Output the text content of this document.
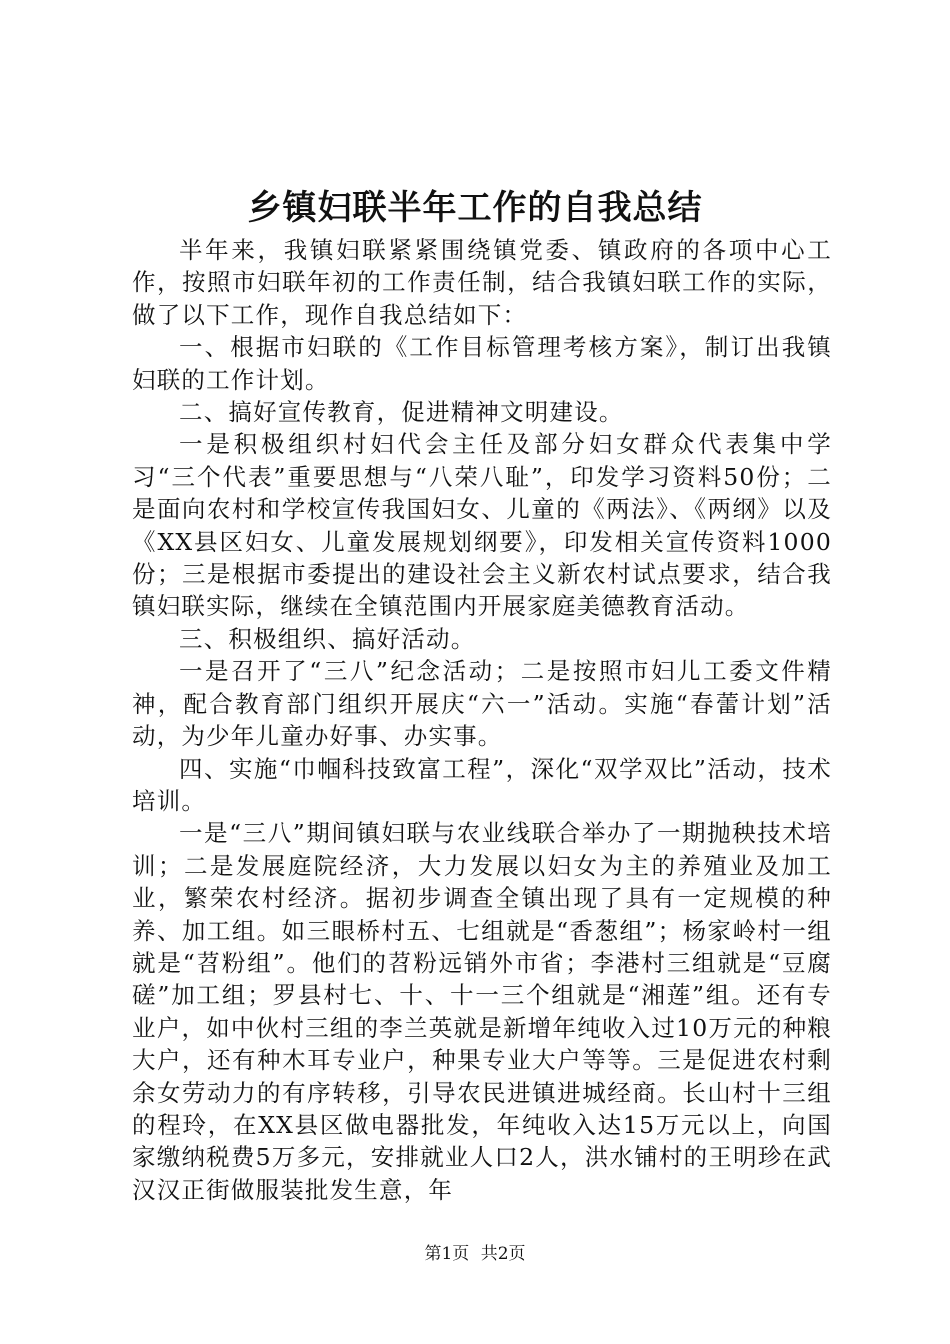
乡镇妇联半年工作的自我总结

半年来，我镇妇联紧紧围绕镇党委、镇政府的各项中心工作，按照市妇联年初的工作责任制，结合我镇妇联工作的实际，做了以下工作，现作自我总结如下：

一、根据市妇联的《工作目标管理考核方案》，制订出我镇妇联的工作计划。

二、搞好宣传教育，促进精神文明建设。

一是积极组织村妇代会主任及部分妇女群众代表集中学习“三个代表”重要思想与“八荣八耻”，印发学习资料50份；二是面向农村和学校宣传我国妇女、儿童的《两法》、《两纲》以及《XX县区妇女、儿童发展规划纲要》，印发相关宣传资料1000份；三是根据市委提出的建设社会主义新农村试点要求，结合我镇妇联实际，继续在全镇范围内开展家庭美德教育活动。

三、积极组织、搞好活动。

一是召开了“三八”纪念活动；二是按照市妇儿工委文件精神，配合教育部门组织开展庆“六一”活动。实施“春蕾计划”活动，为少年儿童办好事、办实事。

四、实施“巾帼科技致富工程”，深化“双学双比”活动，技术培训。

一是“三八”期间镇妇联与农业线联合举办了一期抛秧技术培训；二是发展庭院经济，大力发展以妇女为主的养殖业及加工业，繁荣农村经济。据初步调查全镇出现了具有一定规模的种养、加工组。如三眼桥村五、七组就是“香葱组”；杨家岭村一组就是“苕粉组”。他们的苕粉远销外市省；李港村三组就是“豆腐磋”加工组；罗县村七、十、十一三个组就是“湘莲”组。还有专业户，如中伙村三组的李兰英就是新增年纯收入过10万元的种粮大户，还有种木耳专业户，种果专业大户等等。三是促进农村剩余女劳动力的有序转移，引导农民进镇进城经商。长山村十三组的程玲，在XX县区做电器批发，年纯收入达15万元以上，向国家缴纳税费5万多元，安排就业人口2人，洪水铺村的王明珍在武汉汉正街做服装批发生意，年

第1页 共2页
